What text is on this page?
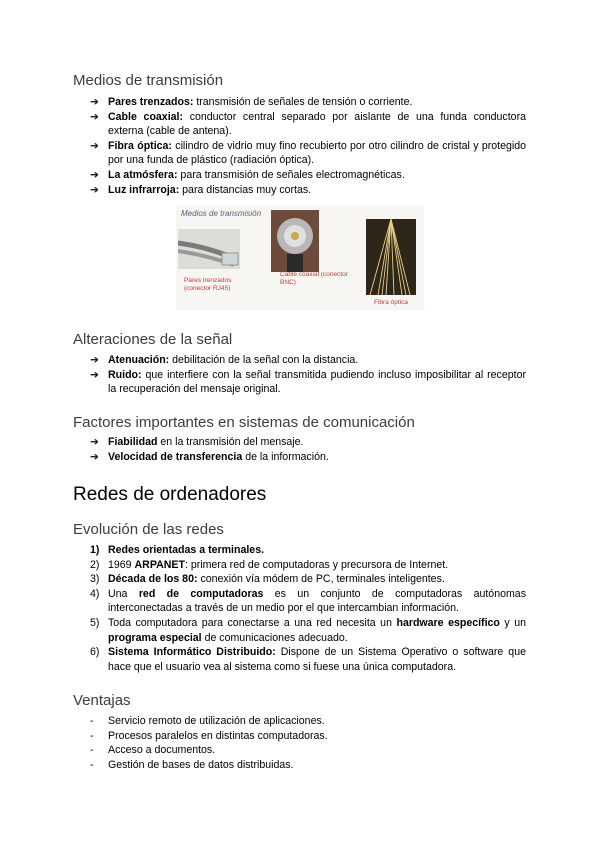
Medios de transmisión
➔ Pares trenzados: transmisión de señales de tensión o corriente.
➔ Cable coaxial: conductor central separado por aislante de una funda conductora externa (cable de antena).
➔ Fibra óptica: cilindro de vidrio muy fino recubierto por otro cilindro de cristal y protegido por una funda de plástico (radiación óptica).
➔ La atmósfera: para transmisión de señales electromagnéticas.
➔ Luz infrarroja: para distancias muy cortas.
Medios de transmisión
Pares trenzados (conector RJ45)
Cable coaxial (conector BNC)
Fibra óptica
Alteraciones de la señal
➔ Atenuación: debilitación de la señal con la distancia.
➔ Ruido: que interfiere con la señal transmitida pudiendo incluso imposibilitar al receptor la recuperación del mensaje original.
Factores importantes en sistemas de comunicación
➔ Fiabilidad en la transmisión del mensaje.
➔ Velocidad de transferencia de la información.
Redes de ordenadores
Evolución de las redes
1) Redes orientadas a terminales.
2) 1969 ARPANET: primera red de computadoras y precursora de Internet.
3) Década de los 80: conexión vía módem de PC, terminales inteligentes.
4) Una red de computadoras es un conjunto de computadoras autónomas interconectadas a través de un medio por el que intercambian información.
5) Toda computadora para conectarse a una red necesita un hardware específico y un programa especial de comunicaciones adecuado.
6) Sistema Informático Distribuido: Dispone de un Sistema Operativo o software que hace que el usuario vea al sistema como si fuese una única computadora.
Ventajas
- Servicio remoto de utilización de aplicaciones.
- Procesos paralelos en distintas computadoras.
- Acceso a documentos.
- Gestión de bases de datos distribuidas.
